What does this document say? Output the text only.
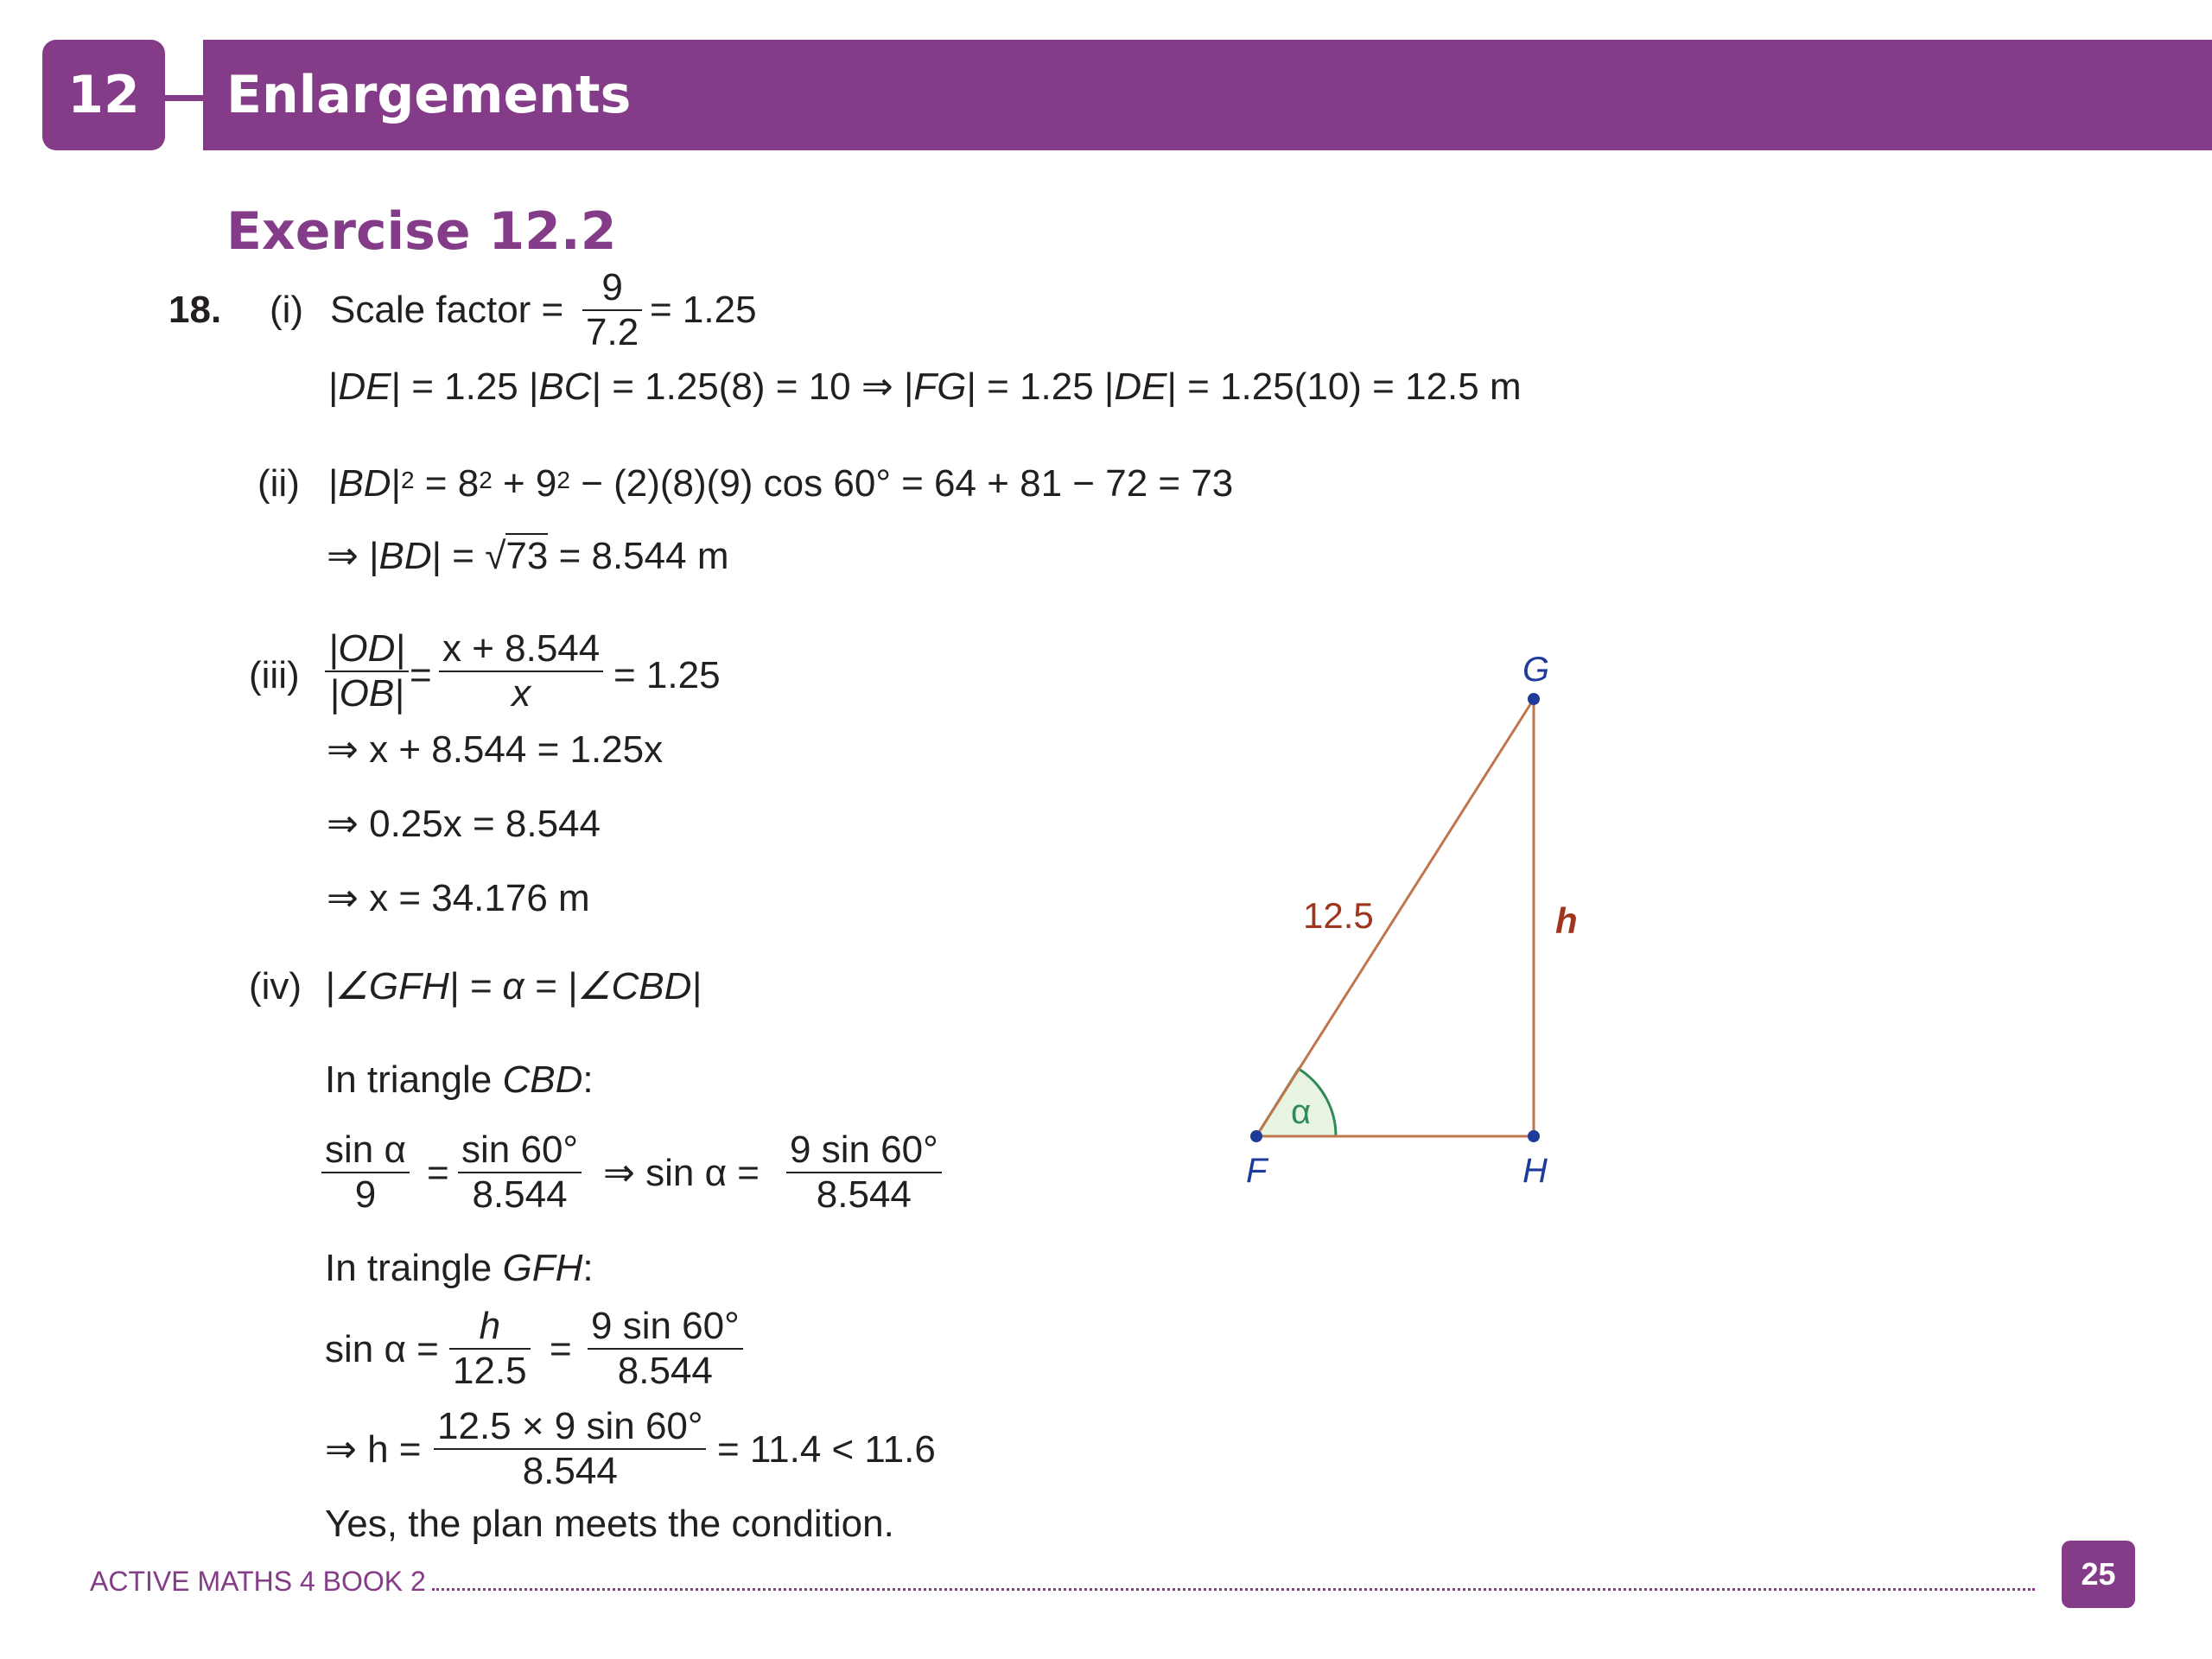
12	Enlargements
Exercise 12.2
18. (i) Scale factor = $\frac{9}{7.2} = 1.25$
|DE| = 1.25 |BC| = 1.25(8) = 10 ⇒ |FG| = 1.25 |DE| = 1.25(10) = 12.5 m
(ii) $|BD|^2 = 8^2 + 9^2 - (2)(8)(9)$ cos 60° = 64 + 81 − 72 = 73
⇒ |BD| = √73 = 8.544 m
$(iii) \frac{|OD|}{|OB|} = \frac{x + 8.544}{x} = 1.25$
⇒ x + 8.544 = 1.25x
⇒ 0.25x = 8.544
⇒ x = 34.176 m
(iv) |∠GFH| = α = |∠CBD|
In triangle CBD:
$\frac{\text{sin α}}{9} = \frac{\sin 60^\circ}{8.544}$ ⇒ $\sin \alpha = \frac{9 \sin 60^\circ}{8.544}$
In traingle GFH:
$\sin \alpha = \frac{h}{12.5} = \frac{9 \sin 60^\circ}{8.544}$
⇒ $h = \frac{12.5 \times 9 \sin 60^\circ}{8.544} = 11.4 < 11.6$
Yes, the plan meets the condition.
G
F	H
12.5	h
α
ACTIVE MATHS 4 BOOK 2	25
